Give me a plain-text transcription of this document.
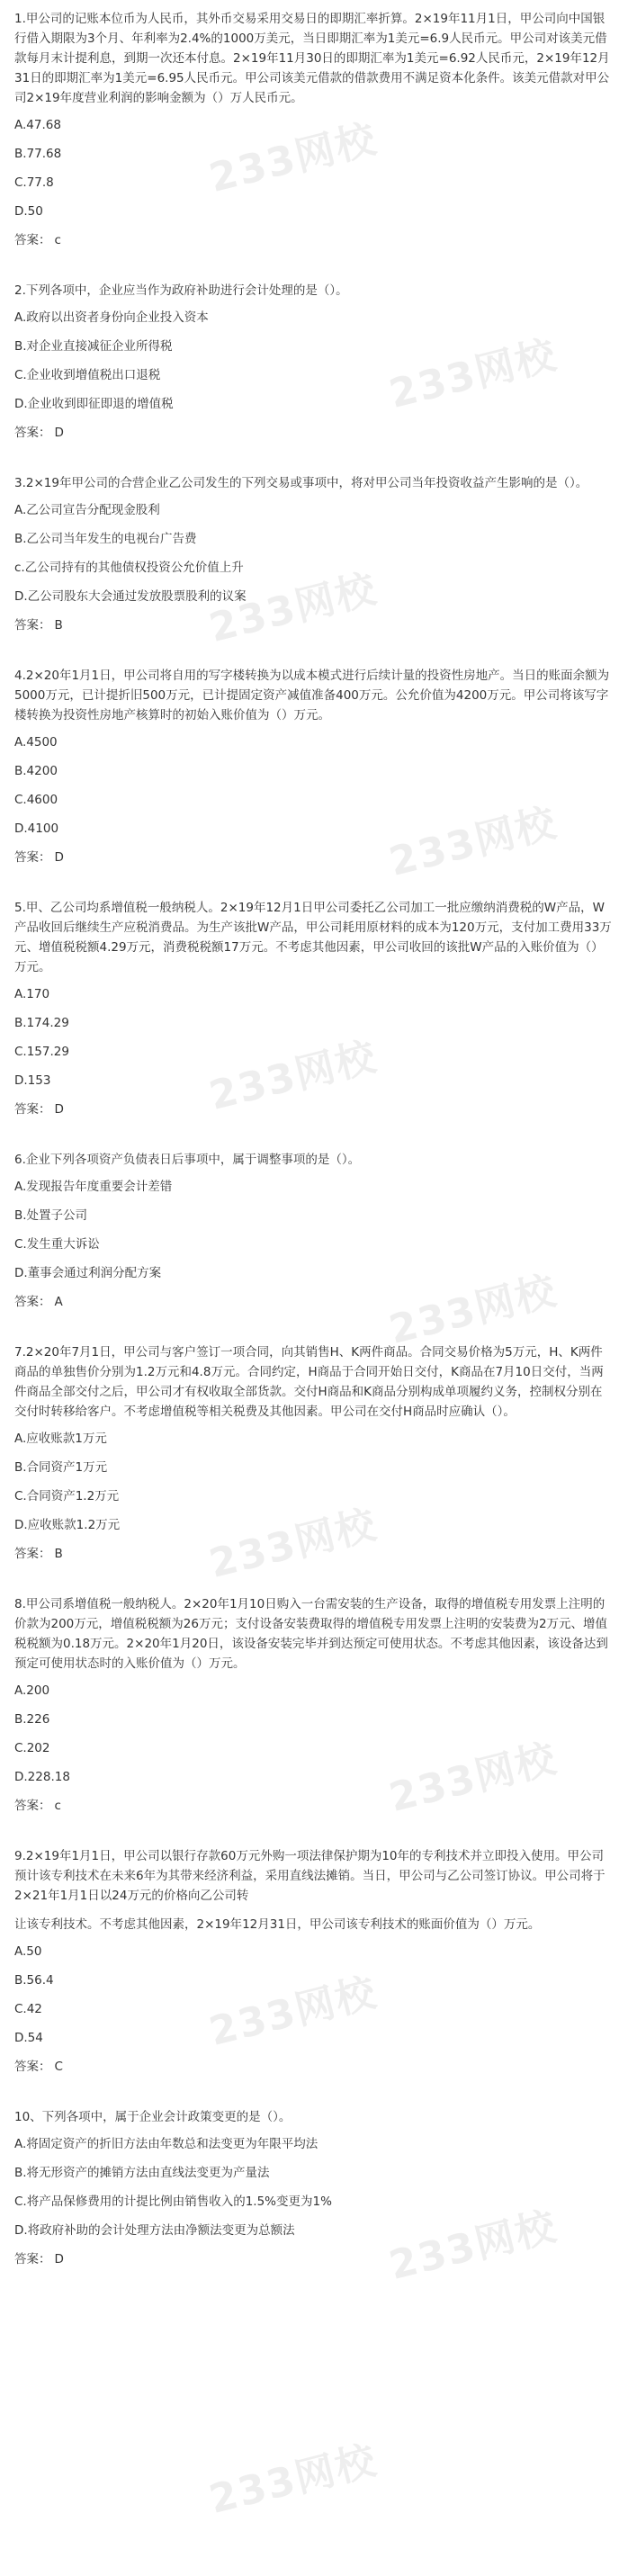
1.甲公司的记账本位币为人民币，其外币交易采用交易日的即期汇率折算。2×19年11月1日，甲公司向中国银行借入期限为3个月、年利率为2.4%的1000万美元，当日即期汇率为1美元=6.9人民币元。甲公司对该美元借款每月末计提利息，到期一次还本付息。2×19年11月30日的即期汇率为1美元=6.92人民币元，2×19年12月31日的即期汇率为1美元=6.95人民币元。甲公司该美元借款的借款费用不满足资本化条件。该美元借款对甲公司2×19年度营业利润的影响金额为（）万人民币元。

A.47.68

B.77.68

C.77.8

D.50

答案： c

2.下列各项中，企业应当作为政府补助进行会计处理的是（）。

A.政府以出资者身份向企业投入资本

B.对企业直接减征企业所得税

C.企业收到增值税出口退税

D.企业收到即征即退的增值税

答案： D

3.2×19年甲公司的合营企业乙公司发生的下列交易或事项中，将对甲公司当年投资收益产生影响的是（）。

A.乙公司宣告分配现金股利

B.乙公司当年发生的电视台广告费

c.乙公司持有的其他债权投资公允价值上升

D.乙公司股东大会通过发放股票股利的议案

答案： B

4.2×20年1月1日，甲公司将自用的写字楼转换为以成本模式进行后续计量的投资性房地产。当日的账面余额为5000万元，已计提折旧500万元，已计提固定资产减值准备400万元。公允价值为4200万元。甲公司将该写字楼转换为投资性房地产核算时的初始入账价值为（）万元。

A.4500

B.4200

C.4600

D.4100

答案： D

5.甲、乙公司均系增值税一般纳税人。2×19年12月1日甲公司委托乙公司加工一批应缴纳消费税的W产品，W产品收回后继续生产应税消费品。为生产该批W产品，甲公司耗用原材料的成本为120万元，支付加工费用33万元、增值税税额4.29万元，消费税税额17万元。不考虑其他因素，甲公司收回的该批W产品的入账价值为（）万元。

A.170

B.174.29

C.157.29

D.153

答案： D

6.企业下列各项资产负债表日后事项中，属于调整事项的是（）。

A.发现报告年度重要会计差错

B.处置子公司

C.发生重大诉讼

D.董事会通过利润分配方案

答案： A

7.2×20年7月1日，甲公司与客户签订一项合同，向其销售H、K两件商品。合同交易价格为5万元，H、K两件商品的单独售价分别为1.2万元和4.8万元。合同约定，H商品于合同开始日交付，K商品在7月10日交付，当两件商品全部交付之后，甲公司才有权收取全部货款。交付H商品和K商品分别构成单项履约义务，控制权分别在交付时转移给客户。不考虑增值税等相关税费及其他因素。甲公司在交付H商品时应确认（）。

A.应收账款1万元

B.合同资产1万元

C.合同资产1.2万元

D.应收账款1.2万元

答案： B

8.甲公司系增值税一般纳税人。2×20年1月10日购入一台需安装的生产设备，取得的增值税专用发票上注明的价款为200万元，增值税税额为26万元；支付设备安装费取得的增值税专用发票上注明的安装费为2万元、增值税税额为0.18万元。2×20年1月20日，该设备安装完毕并到达预定可使用状态。不考虑其他因素，该设备达到预定可使用状态时的入账价值为（）万元。

A.200

B.226

C.202

D.228.18

答案： c

9.2×19年1月1日，甲公司以银行存款60万元外购一项法律保护期为10年的专利技术并立即投入使用。甲公司预计该专利技术在未来6年为其带来经济利益，采用直线法摊销。当日，甲公司与乙公司签订协议。甲公司将于2×21年1月1日以24万元的价格向乙公司转

让该专利技术。不考虑其他因素，2×19年12月31日，甲公司该专利技术的账面价值为（）万元。

A.50

B.56.4

C.42

D.54

答案： C

10、下列各项中，属于企业会计政策变更的是（）。

A.将固定资产的折旧方法由年数总和法变更为年限平均法

B.将无形资产的摊销方法由直线法变更为产量法

C.将产品保修费用的计提比例由销售收入的1.5%变更为1%

D.将政府补助的会计处理方法由净额法变更为总额法

答案： D

233网校
233网校
233网校
233网校
233网校
233网校
233网校
233网校
233网校
233网校
233网校
